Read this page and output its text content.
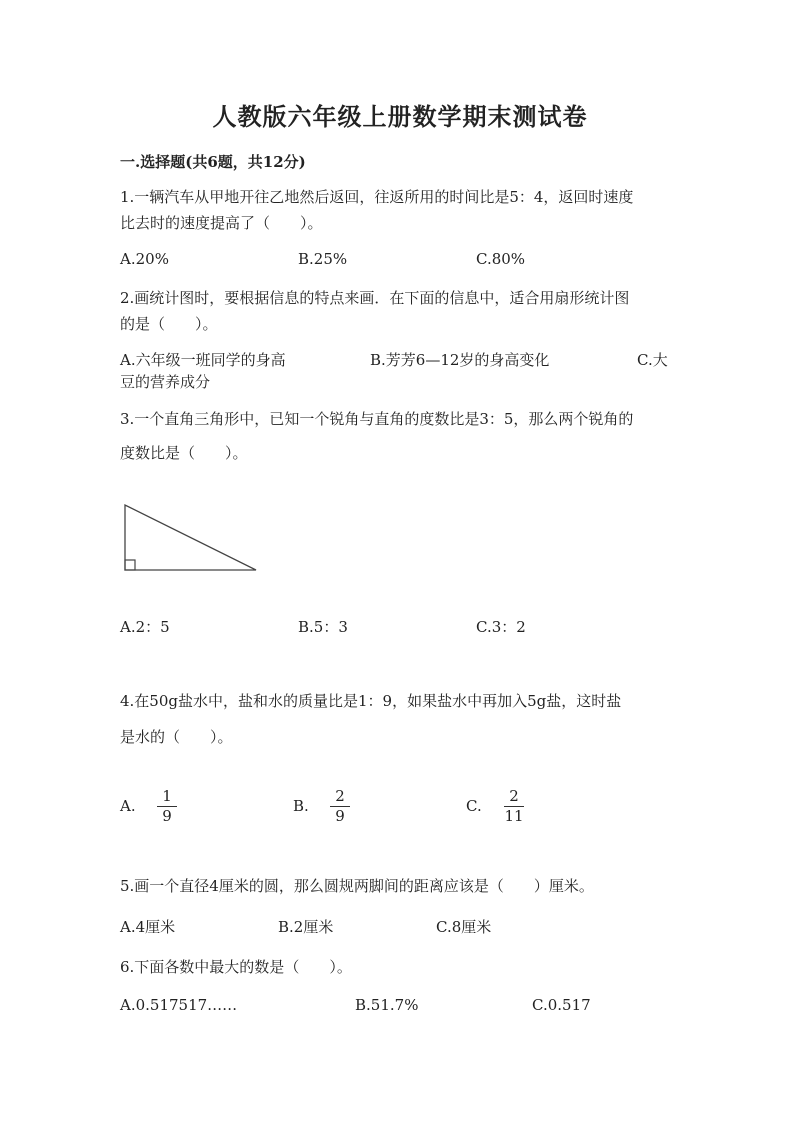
人教版六年级上册数学期末测试卷
一.选择题(共6题，共12分)
1.一辆汽车从甲地开往乙地然后返回，往返所用的时间比是5：4，返回时速度
比去时的速度提高了（　　）。
A.20%	B.25%	C.80%
2.画统计图时，要根据信息的特点来画．在下面的信息中，适合用扇形统计图
的是（　　）。
A.六年级一班同学的身高	B.芳芳6—12岁的身高变化	C.大
豆的营养成分
3.一个直角三角形中，已知一个锐角与直角的度数比是3：5，那么两个锐角的
度数比是（　　）。
A.2：5	B.5：3	C.3：2
4.在50g盐水中，盐和水的质量比是1：9，如果盐水中再加入5g盐，这时盐
是水的（　　）。
A.
1
9
B.
2
9
C.
2
11
5.画一个直径4厘米的圆，那么圆规两脚间的距离应该是（　　）厘米。
A.4厘米	B.2厘米	C.8厘米
6.下面各数中最大的数是（　　）。
A.0.517517……	B.51.7%	C.0.517
